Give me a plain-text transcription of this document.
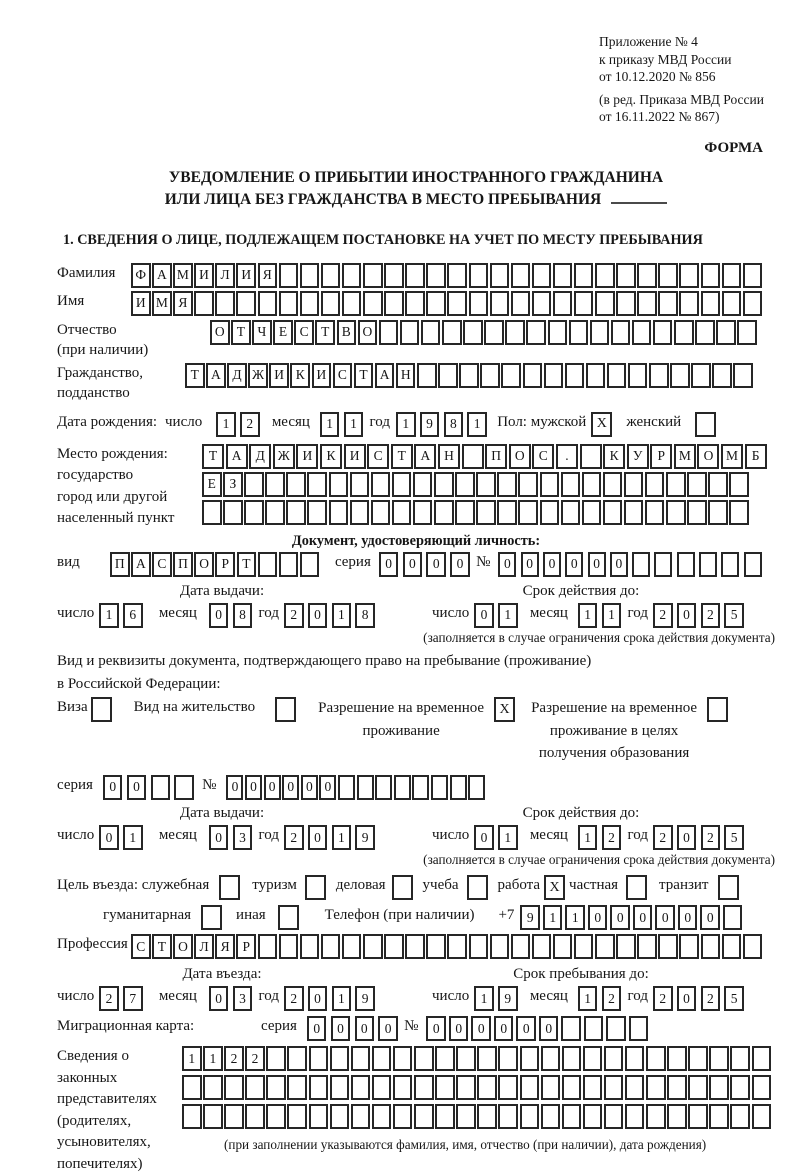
Приложение № 4
к приказу МВД России
от 10.12.2020 № 856
(в ред. Приказа МВД России
от 16.11.2022 № 867)
ФОРМА
УВЕДОМЛЕНИЕ О ПРИБЫТИИ ИНОСТРАННОГО ГРАЖДАНИНА
ИЛИ ЛИЦА БЕЗ ГРАЖДАНСТВА В МЕСТО ПРЕБЫВАНИЯ
1. СВЕДЕНИЯ О ЛИЦЕ, ПОДЛЕЖАЩЕМ ПОСТАНОВКЕ НА УЧЕТ ПО МЕСТУ ПРЕБЫВАНИЯ
Фамилия	Ф А М И Л И Я
Имя	И М Я
Отчество
(при наличии)
О Т Ч Е С Т В О
Гражданство,
подданство
Т А Д Ж И К И С Т А Н
Дата рождения: число	1	2	месяц	1	1 год 1	9	8	1	Пол: мужской X	женский
Место рождения:
государство
город или другой
населенный пункт
Т	А	Д Ж И	К	И	С	Т	А	Н	П	О	С	.	К	У	Р	М О М	Б
Е	З
Документ, удостоверяющий личность:
вид	П А С П О Р Т	серия	0	0	0	0 №	0	0	0	0	0	0
Дата выдачи:
число 1	6	месяц	0	8 год 2	0	1	8
Срок действия до:
число 0	1	месяц	1	1 год 2	0	2	5
(заполняется в случае ограничения срока действия документа)
Вид и реквизиты документа, подтверждающего право на пребывание (проживание)
в Российской Федерации:
Виза	Вид на жительство	Разрешение на временное
проживание
X	Разрешение на временное
проживание в целях
получения образования
серия	0	0	№	0 0 0 0 0 0
Дата выдачи:
число 0	1	месяц	0	3 год 2	0	1	9
Срок действия до:
число 0	1	месяц	1	2 год 2	0	2	5
(заполняется в случае ограничения срока действия документа)
Цель въезда: служебная	туризм	деловая учеба	работа X частная	транзит
гуманитарная	иная	Телефон (при наличии) +7 9	1	1	0	0	0	0	0	0
Профессия С Т О Л Я Р
Дата въезда:
число 2	7	месяц	0	3 год 2	0	1	9
Срок пребывания до:
число 1	9	месяц	1	2 год 2	0	2	5
Миграционная карта:	серия	0	0	0	0 №	0	0	0	0	0	0
Сведения о
законных
представителях
(родителях,
усыновителях,
попечителях)
1	1	2	2
(при заполнении указываются фамилия, имя, отчество (при наличии), дата рождения)
